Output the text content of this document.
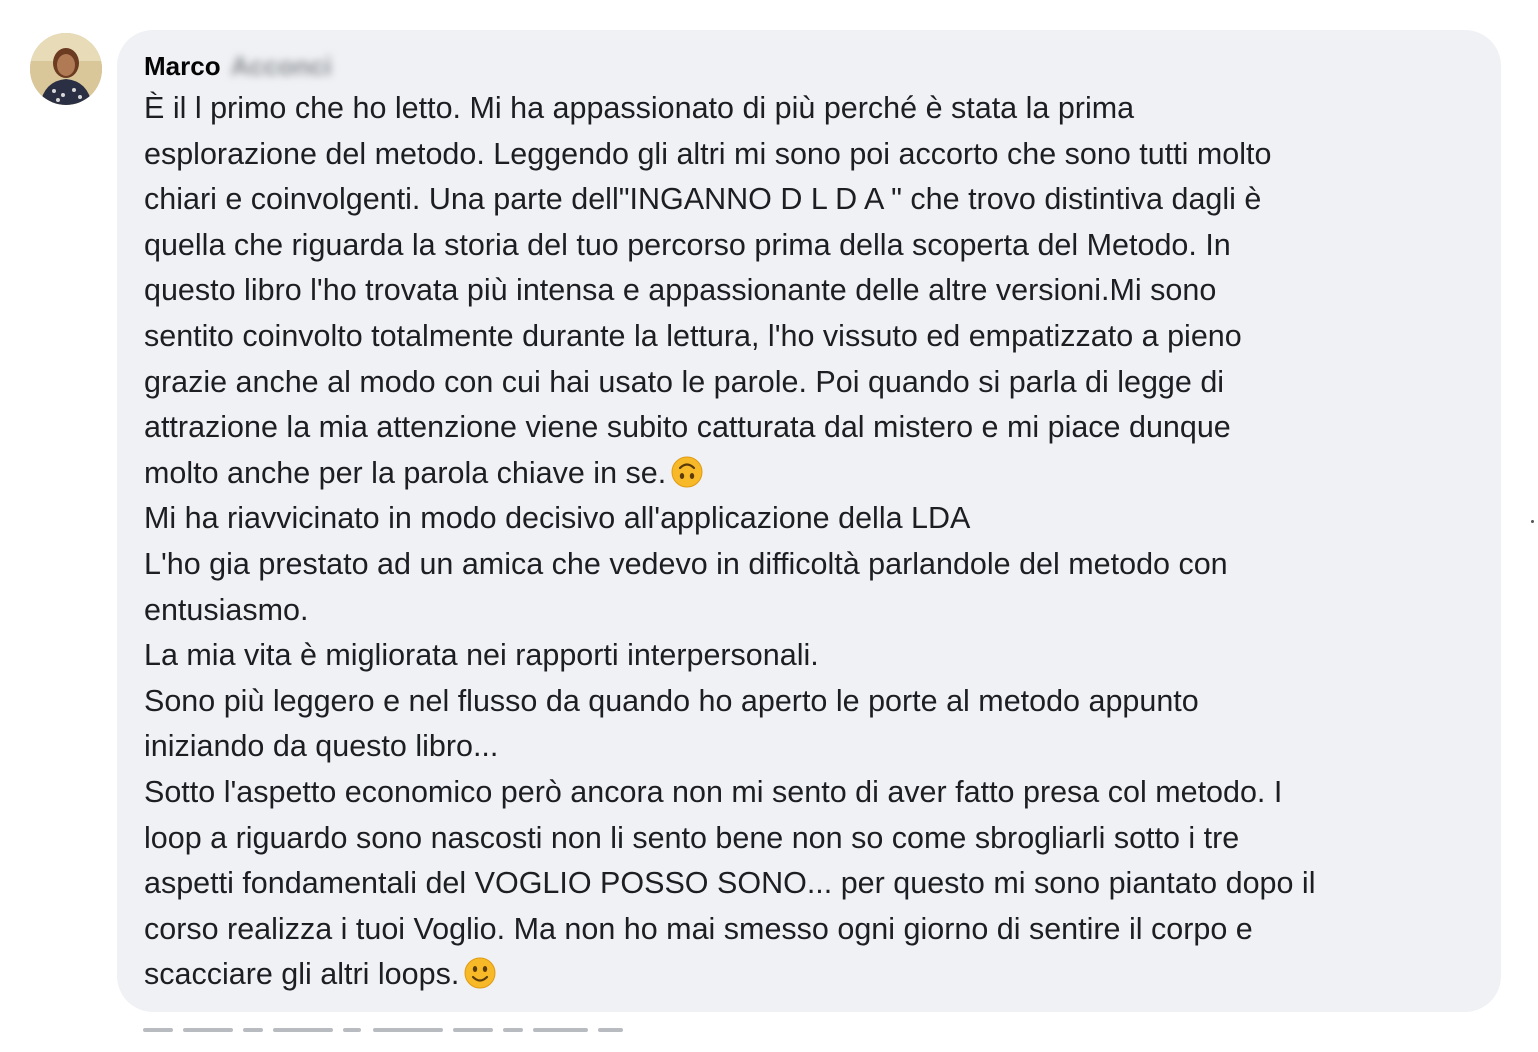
Marco Acconci
È il l primo che ho letto. Mi ha appassionato di più perché è stata la prima
esplorazione del metodo. Leggendo gli altri mi sono poi accorto che sono tutti molto
chiari e coinvolgenti. Una parte dell"INGANNO D L D A " che trovo distintiva dagli è
quella che riguarda la storia del tuo percorso prima della scoperta del Metodo. In
questo libro l'ho trovata più intensa e appassionante delle altre versioni.Mi sono
sentito coinvolto totalmente durante la lettura, l'ho vissuto ed empatizzato a pieno
grazie anche al modo con cui hai usato le parole. Poi quando si parla di legge di
attrazione la mia attenzione viene subito catturata dal mistero e mi piace dunque
molto anche per la parola chiave in se.
Mi ha riavvicinato in modo decisivo all'applicazione della LDA
L'ho gia prestato ad un amica che vedevo in difficoltà parlandole del metodo con
entusiasmo.
La mia vita è migliorata nei rapporti interpersonali.
Sono più leggero e nel flusso da quando ho aperto le porte al metodo appunto
iniziando da questo libro...
Sotto l'aspetto economico però ancora non mi sento di aver fatto presa col metodo. I
loop a riguardo sono nascosti non li sento bene non so come sbrogliarli sotto i tre
aspetti fondamentali del VOGLIO POSSO SONO... per questo mi sono piantato dopo il
corso realizza i tuoi Voglio. Ma non ho mai smesso ogni giorno di sentire il corpo e
scacciare gli altri loops.
